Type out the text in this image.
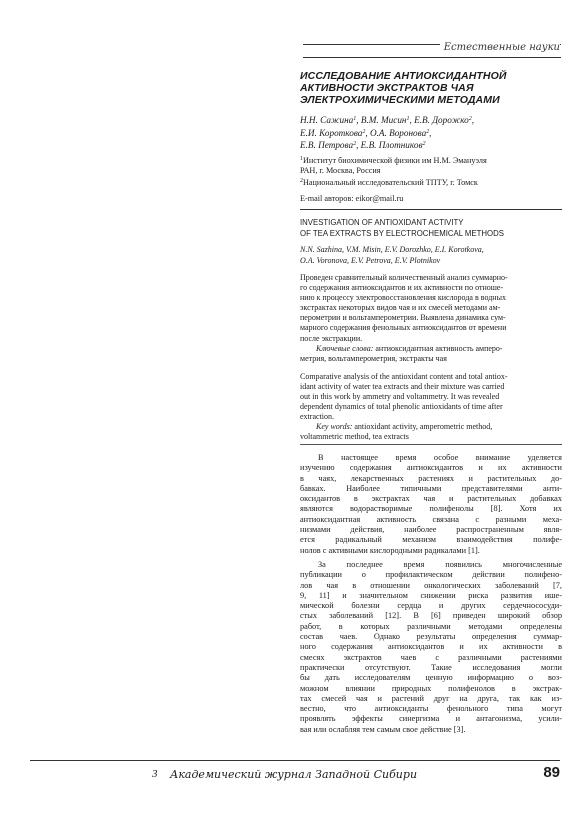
Естественные науки
ИССЛЕДОВАНИЕ АНТИОКСИДАНТНОЙ
АКТИВНОСТИ ЭКСТРАКТОВ ЧАЯ
ЭЛЕКТРОХИМИЧЕСКИМИ МЕТОДАМИ
Н.Н. Сажина$^1$, В.М. Мисин$^1$, Е.В. Дорожко$^2$,
Е.И. Короткова$^2$, О.А. Воронова$^2$,
Е.В. Петрова$^2$, Е.В. Плотников$^2$
$^1$Институт биохимической физики им Н.М. Эмануэля
РАН, г. Москва, Россия
$^2$Национальный исследовательский ТПТУ, г. Томск
E-mail авторов: eikor@mail.ru
INVESTIGATION OF ANTIOXIDANT ACTIVITY
OF TEA EXTRACTS BY ELECTROCHEMICAL METHODS
N.N. Sazhina, V.M. Misin, E.V. Dorozhko, E.I. Korotkova,
O.A. Voronova, E.V. Petrova, E.V. Plotnikov
Проведен сравнительный количественный анализ суммарно-
го содержания антиоксидантов и их активности по отноше-
нию к процессу электровосстановления кислорода в водных
экстрактах некоторых видов чая и их смесей методами ам-
перометрии и вольтамперометрии. Выявлена динамика сум-
марного содержания фенольных антиоксидантов от времени
после экстракции.
Ключевые слова: антиоксидантная активность амперо-
метрия, вольтамперометрия, экстракты чая
Comparative analysis of the antioxidant content and total antiox-
idant activity of water tea extracts and their mixture was carried
out in this work by ammetry and voltammetry. It was revealed
dependent dynamics of total phenolic antioxidants of time after
extraction.
Key words: antioxidant activity, amperometric method,
voltammetric method, tea extracts
В настоящее время особое внимание уделяется
изучению содержания антиоксидантов и их активности
в чаях, лекарственных растениях и растительных до-
бавках. Наиболее типичными представителями анти-
оксидантов в экстрактах чая и растительных добавках
являются водорастворимые полифенолы [8]. Хотя их
антиоксидантная активность связана с разными меха-
низмами действия, наиболее распространенным явля-
ется радикальный механизм взаимодействия полифе-
нолов с активными кислородными радикалами [1].
За последнее время появились многочисленные
публикации о профилактическом действии полифено-
лов чая в отношении онкологических заболеваний [7,
9, 11] и значительном снижении риска развития ише-
мической болезни сердца и других сердечнососуди-
стых заболеваний [12]. В [6] приведен широкий обзор
работ, в которых различными методами определены
состав чаев. Однако результаты определения суммар-
ного содержания антиоксидантов и их активности в
смесях экстрактов чаев с различными растениями
практически отсутствуют. Такие исследования могли
бы дать исследователям ценную информацию о воз-
можном влиянии природных полифенолов в экстрак-
тах смесей чая и растений друг на друга, так как из-
вестно, что антиоксиданты фенольного типа могут
проявлять эффекты синергизма и антагонизма, усили-
вая или ослабляя тем самым свое действие [3].
3 Академический журнал Западной Сибири	89
